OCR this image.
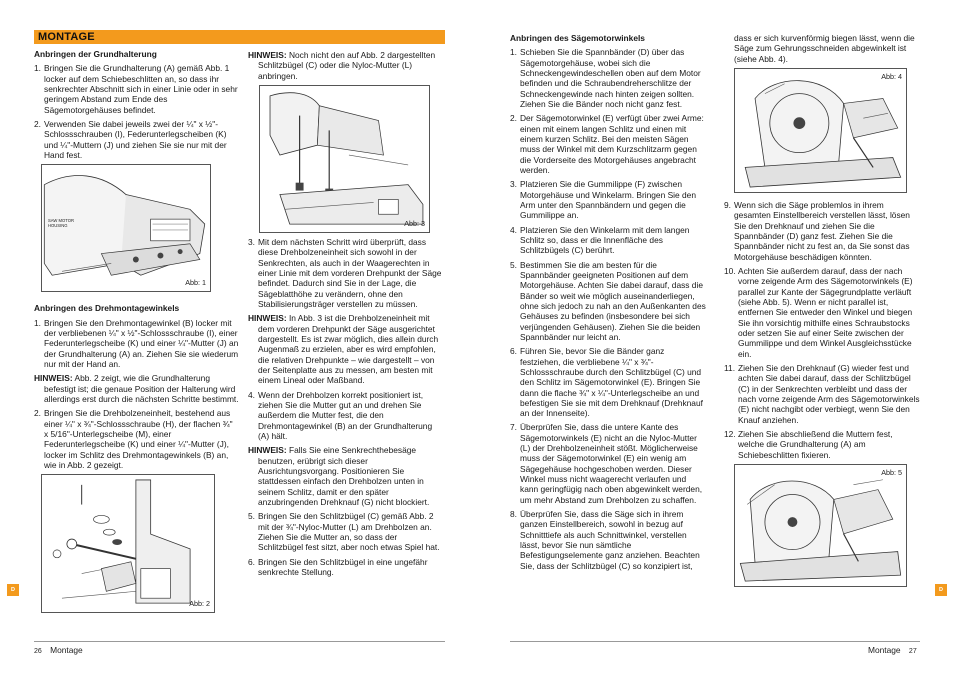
MONTAGE
Anbringen der Grundhalterung
1. Bringen Sie die Grundhalterung (A) gemäß Abb. 1 locker auf dem Schiebeschlitten an, so dass ihr senkrechter Abschnitt sich in einer Linie oder in sehr geringem Abstand zum Ende des Sägemotorgehäuses befindet.
2. Verwenden Sie dabei jeweils zwei der ¼" x ½"-Schlossschrauben (I), Federunterlegscheiben (K) und ¼"-Muttern (J) und ziehen Sie sie nur mit der Hand fest.
SAW MOTOR HOUSING
Abb: 1
Anbringen des Drehmontagewinkels
1. Bringen Sie den Drehmontagewinkel (B) locker mit der verbliebenen ¼" x ½"-Schlossschraube (I), einer Federunterlegscheibe (K) und einer ¼"-Mutter (J) an der Grundhalterung (A) an. Ziehen Sie sie wiederum nur mit der Hand an.

HINWEIS: Abb. 2 zeigt, wie die Grundhalterung befestigt ist; die genaue Position der Halterung wird allerdings erst durch die nächsten Schritte bestimmt.

2. Bringen Sie die Drehbolzeneinheit, bestehend aus einer ¼" x ¾"-Schlossschraube (H), der flachen ¾" x 5/16"-Unterlegscheibe (M), einer Federunterlegscheibe (K) und einer ¼"-Mutter (J), locker im Schlitz des Drehmontagewinkels (B) an, wie in Abb. 2 gezeigt.
Abb: 2

HINWEIS: Noch nicht den auf Abb. 2 dargestellten Schlitzbügel (C) oder die Nyloc-Mutter (L) anbringen.

Abb: 3
3. Mit dem nächsten Schritt wird überprüft, dass diese Drehbolzeneinheit sich sowohl in der Senkrechten, als auch in der Waagerechten in einer Linie mit dem vorderen Drehpunkt der Säge befindet. Dadurch sind Sie in der Lage, die Sägeblatthöhe zu verändern, ohne den Stabilisierungsträger verstellen zu müssen.

HINWEIS: In Abb. 3 ist die Drehbolzeneinheit mit dem vorderen Drehpunkt der Säge ausgerichtet dargestellt. Es ist zwar möglich, dies allein durch Augenmaß zu erzielen, aber es wird empfohlen, die relativen Drehpunkte – wie dargestellt – von der Seitenplatte aus zu messen, am besten mit einem Lineal oder Maßband.

4. Wenn der Drehbolzen korrekt positioniert ist, ziehen Sie die Mutter gut an und drehen Sie außerdem die Mutter fest, die den Drehmontagewinkel (B) an der Grundhalterung (A) hält.

HINWEIS: Falls Sie eine Senkrechthebesäge benutzen, erübrigt sich dieser Ausrichtungsvorgang. Positionieren Sie stattdessen einfach den Drehbolzen unten in seinem Schlitz, damit er den später anzubringenden Drehknauf (G) nicht blockiert.

5. Bringen Sie den Schlitzbügel (C) gemäß Abb. 2 mit der ¾"-Nyloc-Mutter (L) am Drehbolzen an. Ziehen Sie die Mutter an, so dass der Schlitzbügel fest sitzt, aber noch etwas Spiel hat.
6. Bringen Sie den Schlitzbügel in eine ungefähr senkrechte Stellung.
26 Montage
D
Anbringen des Sägemotorwinkels
1. Schieben Sie die Spannbänder (D) über das Sägemotorgehäuse, wobei sich die Schneckengewindeschellen oben auf dem Motor befinden und die Schraubendreherschlitze der Schneckengewinde nach hinten zeigen sollten. Ziehen Sie die Bänder noch nicht ganz fest.
2. Der Sägemotorwinkel (E) verfügt über zwei Arme: einen mit einem langen Schlitz und einen mit einem kurzen Schlitz. Bei den meisten Sägen muss der Winkel mit dem Kurzschlitzarm gegen die Vorderseite des Motorgehäuses angebracht werden.
3. Platzieren Sie die Gummilippe (F) zwischen Motorgehäuse und Winkelarm. Bringen Sie den Arm unter den Spannbändern und gegen die Gummilippe an.
4. Platzieren Sie den Winkelarm mit dem langen Schlitz so, dass er die Innenfläche des Schlitzbügels (C) berührt.
5. Bestimmen Sie die am besten für die Spannbänder geeigneten Positionen auf dem Motorgehäuse. Achten Sie dabei darauf, dass die Bänder so weit wie möglich auseinanderliegen, ohne sich jedoch zu nah an den Außenkanten des Gehäuses zu befinden (insbesondere bei sich verjüngenden Gehäusen). Ziehen Sie die beiden Spannbänder nur leicht an.
6. Führen Sie, bevor Sie die Bänder ganz festziehen, die verbliebene ¼" x ¾"-Schlossschraube durch den Schlitzbügel (C) und den Schlitz im Sägemotorwinkel (E). Bringen Sie dann die flache ¾" x ¼"-Unterlegscheibe an und befestigen Sie sie mit dem Drehknauf (Drehknauf an der Innenseite).
7. Überprüfen Sie, dass die untere Kante des Sägemotorwinkels (E) nicht an die Nyloc-Mutter (L) der Drehbolzeneinheit stößt. Möglicherweise muss der Sägemotorwinkel (E) ein wenig am Sägegehäuse hochgeschoben werden. Dieser Winkel muss nicht waagerecht verlaufen und kann geringfügig nach oben abgewinkelt werden, um mehr Abstand zum Drehbolzen zu schaffen.
8. Überprüfen Sie, dass die Säge sich in ihrem ganzen Einstellbereich, sowohl in bezug auf Schnitttiefe als auch Schnittwinkel, verstellen lässt, bevor Sie nun sämtliche Befestigungselemente ganz anziehen. Beachten Sie, dass der Schlitzbügel (C) so konzipiert ist,

dass er sich kurvenförmig biegen lässt, wenn die Säge zum Gehrungsschneiden abgewinkelt ist (siehe Abb. 4).

Abb: 4
9. Wenn sich die Säge problemlos in ihrem gesamten Einstellbereich verstellen lässt, lösen Sie den Drehknauf und ziehen Sie die Spannbänder (D) ganz fest. Ziehen Sie die Spannbänder nicht zu fest an, da Sie sonst das Motorgehäuse beschädigen könnten.
10. Achten Sie außerdem darauf, dass der nach vorne zeigende Arm des Sägemotorwinkels (E) parallel zur Kante der Sägegrundplatte verläuft (siehe Abb. 5). Wenn er nicht parallel ist, entfernen Sie entweder den Winkel und biegen Sie ihn vorsichtig mithilfe eines Schraubstocks oder setzen Sie auf einer Seite zwischen der Gummilippe und dem Winkel Ausgleichsstücke ein.
11. Ziehen Sie den Drehknauf (G) wieder fest und achten Sie dabei darauf, dass der Schlitzbügel (C) in der Senkrechten verbleibt und dass der nach vorne zeigende Arm des Sägemotorwinkels (E) nicht nachgibt oder verbiegt, wenn Sie den Knauf anziehen.
12. Ziehen Sie abschließend die Muttern fest, welche die Grundhalterung (A) am Schiebeschlitten fixieren.
Abb: 5
Montage 27
D
